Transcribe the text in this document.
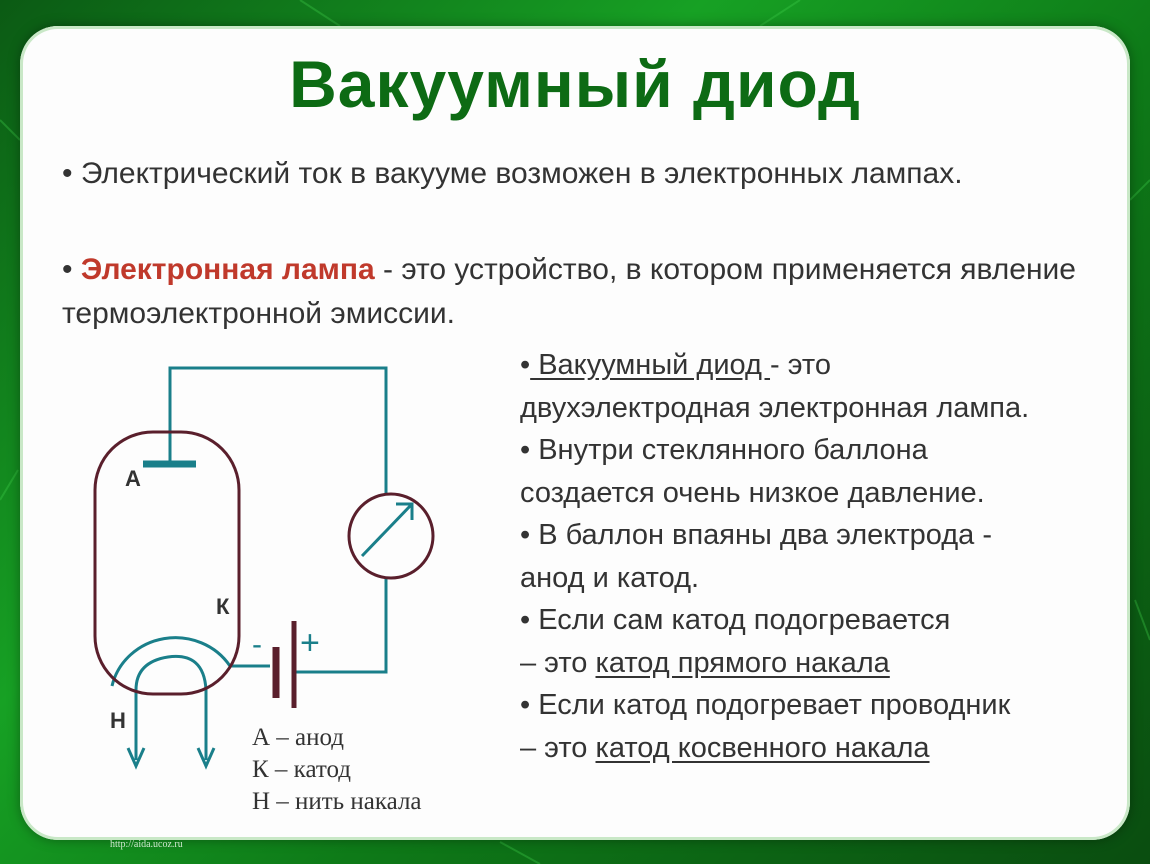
Вакуумный диод
• Электрический ток в вакууме возможен в электронных лампах.
• Электронная лампа - это устройство, в котором применяется явление термоэлектронной эмиссии.
• Вакуумный диод - это
двухэлектродная электронная лампа.
• Внутри стеклянного баллона
создается очень низкое давление.
• В баллон впаяны два электрода -
анод и катод.
• Если сам катод подогревается
– это катод прямого накала
• Если катод подогревает проводник
– это катод косвенного накала
А
К
Н
- +
А – анод
К – катод
Н – нить накала
http://aida.ucoz.ru
